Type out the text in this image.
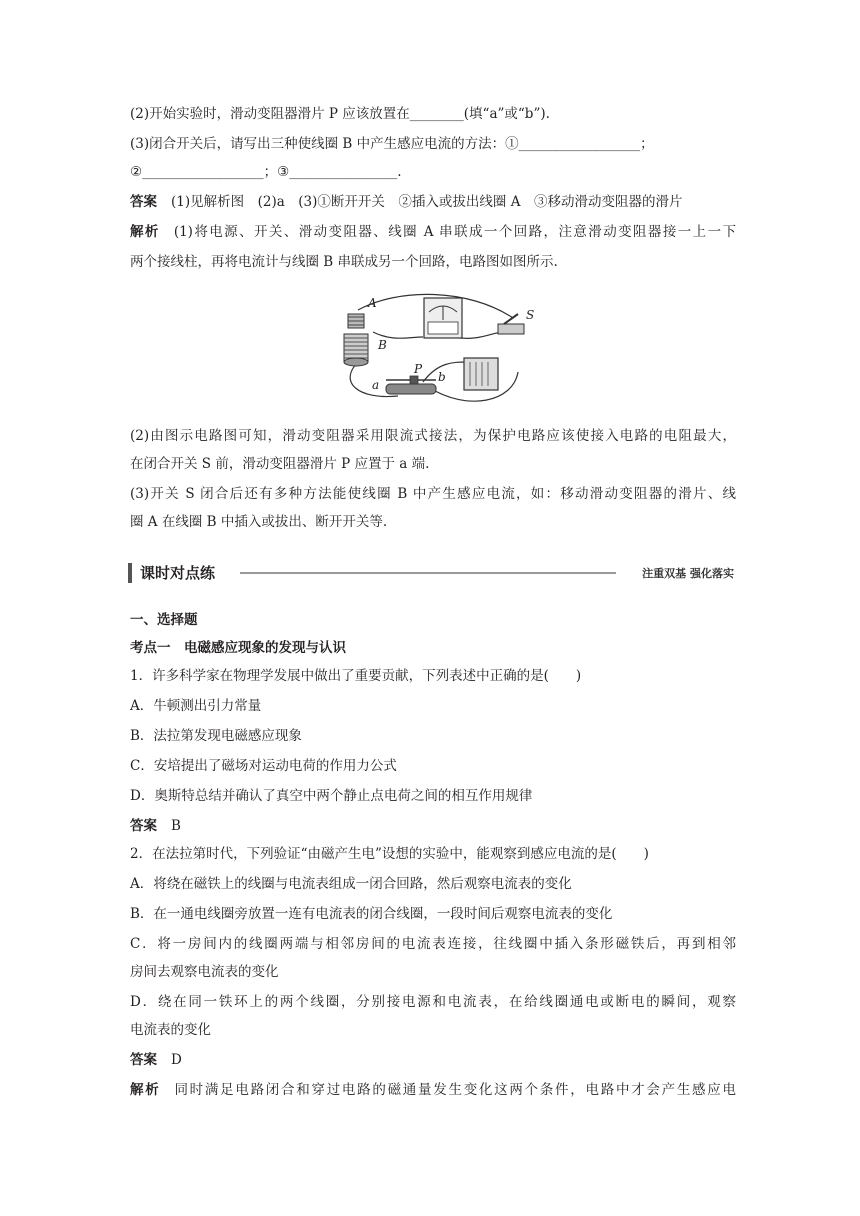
(2)开始实验时，滑动变阻器滑片 P 应该放置在________(填“a”或“b”).
(3)闭合开关后，请写出三种使线圈 B 中产生感应电流的方法：①__________________；
②__________________；③________________.
答案 (1)见解析图　(2)a　(3)①断开开关　②插入或拔出线圈 A　③移动滑动变阻器的滑片
解析 (1)将电源、开关、滑动变阻器、线圈 A 串联成一个回路，注意滑动变阻器接一上一下
两个接线柱，再将电流计与线圈 B 串联成另一个回路，电路图如图所示.
A
B
S
P
a
b
(2)由图示电路图可知，滑动变阻器采用限流式接法，为保护电路应该使接入电路的电阻最大，
在闭合开关 S 前，滑动变阻器滑片 P 应置于 a 端.
(3)开关 S 闭合后还有多种方法能使线圈 B 中产生感应电流，如：移动滑动变阻器的滑片、线
圈 A 在线圈 B 中插入或拔出、断开开关等.
课时对点练	注重双基 强化落实
一、选择题
考点一　电磁感应现象的发现与认识
1．许多科学家在物理学发展中做出了重要贡献，下列表述中正确的是(　　)
A．牛顿测出引力常量
B．法拉第发现电磁感应现象
C．安培提出了磁场对运动电荷的作用力公式
D．奥斯特总结并确认了真空中两个静止点电荷之间的相互作用规律
答案 B
2．在法拉第时代，下列验证“由磁产生电”设想的实验中，能观察到感应电流的是(　　)
A．将绕在磁铁上的线圈与电流表组成一闭合回路，然后观察电流表的变化
B．在一通电线圈旁放置一连有电流表的闭合线圈，一段时间后观察电流表的变化
C．将一房间内的线圈两端与相邻房间的电流表连接，往线圈中插入条形磁铁后，再到相邻
房间去观察电流表的变化
D．绕在同一铁环上的两个线圈，分别接电源和电流表，在给线圈通电或断电的瞬间，观察
电流表的变化
答案 D
解析 同时满足电路闭合和穿过电路的磁通量发生变化这两个条件，电路中才会产生感应电
